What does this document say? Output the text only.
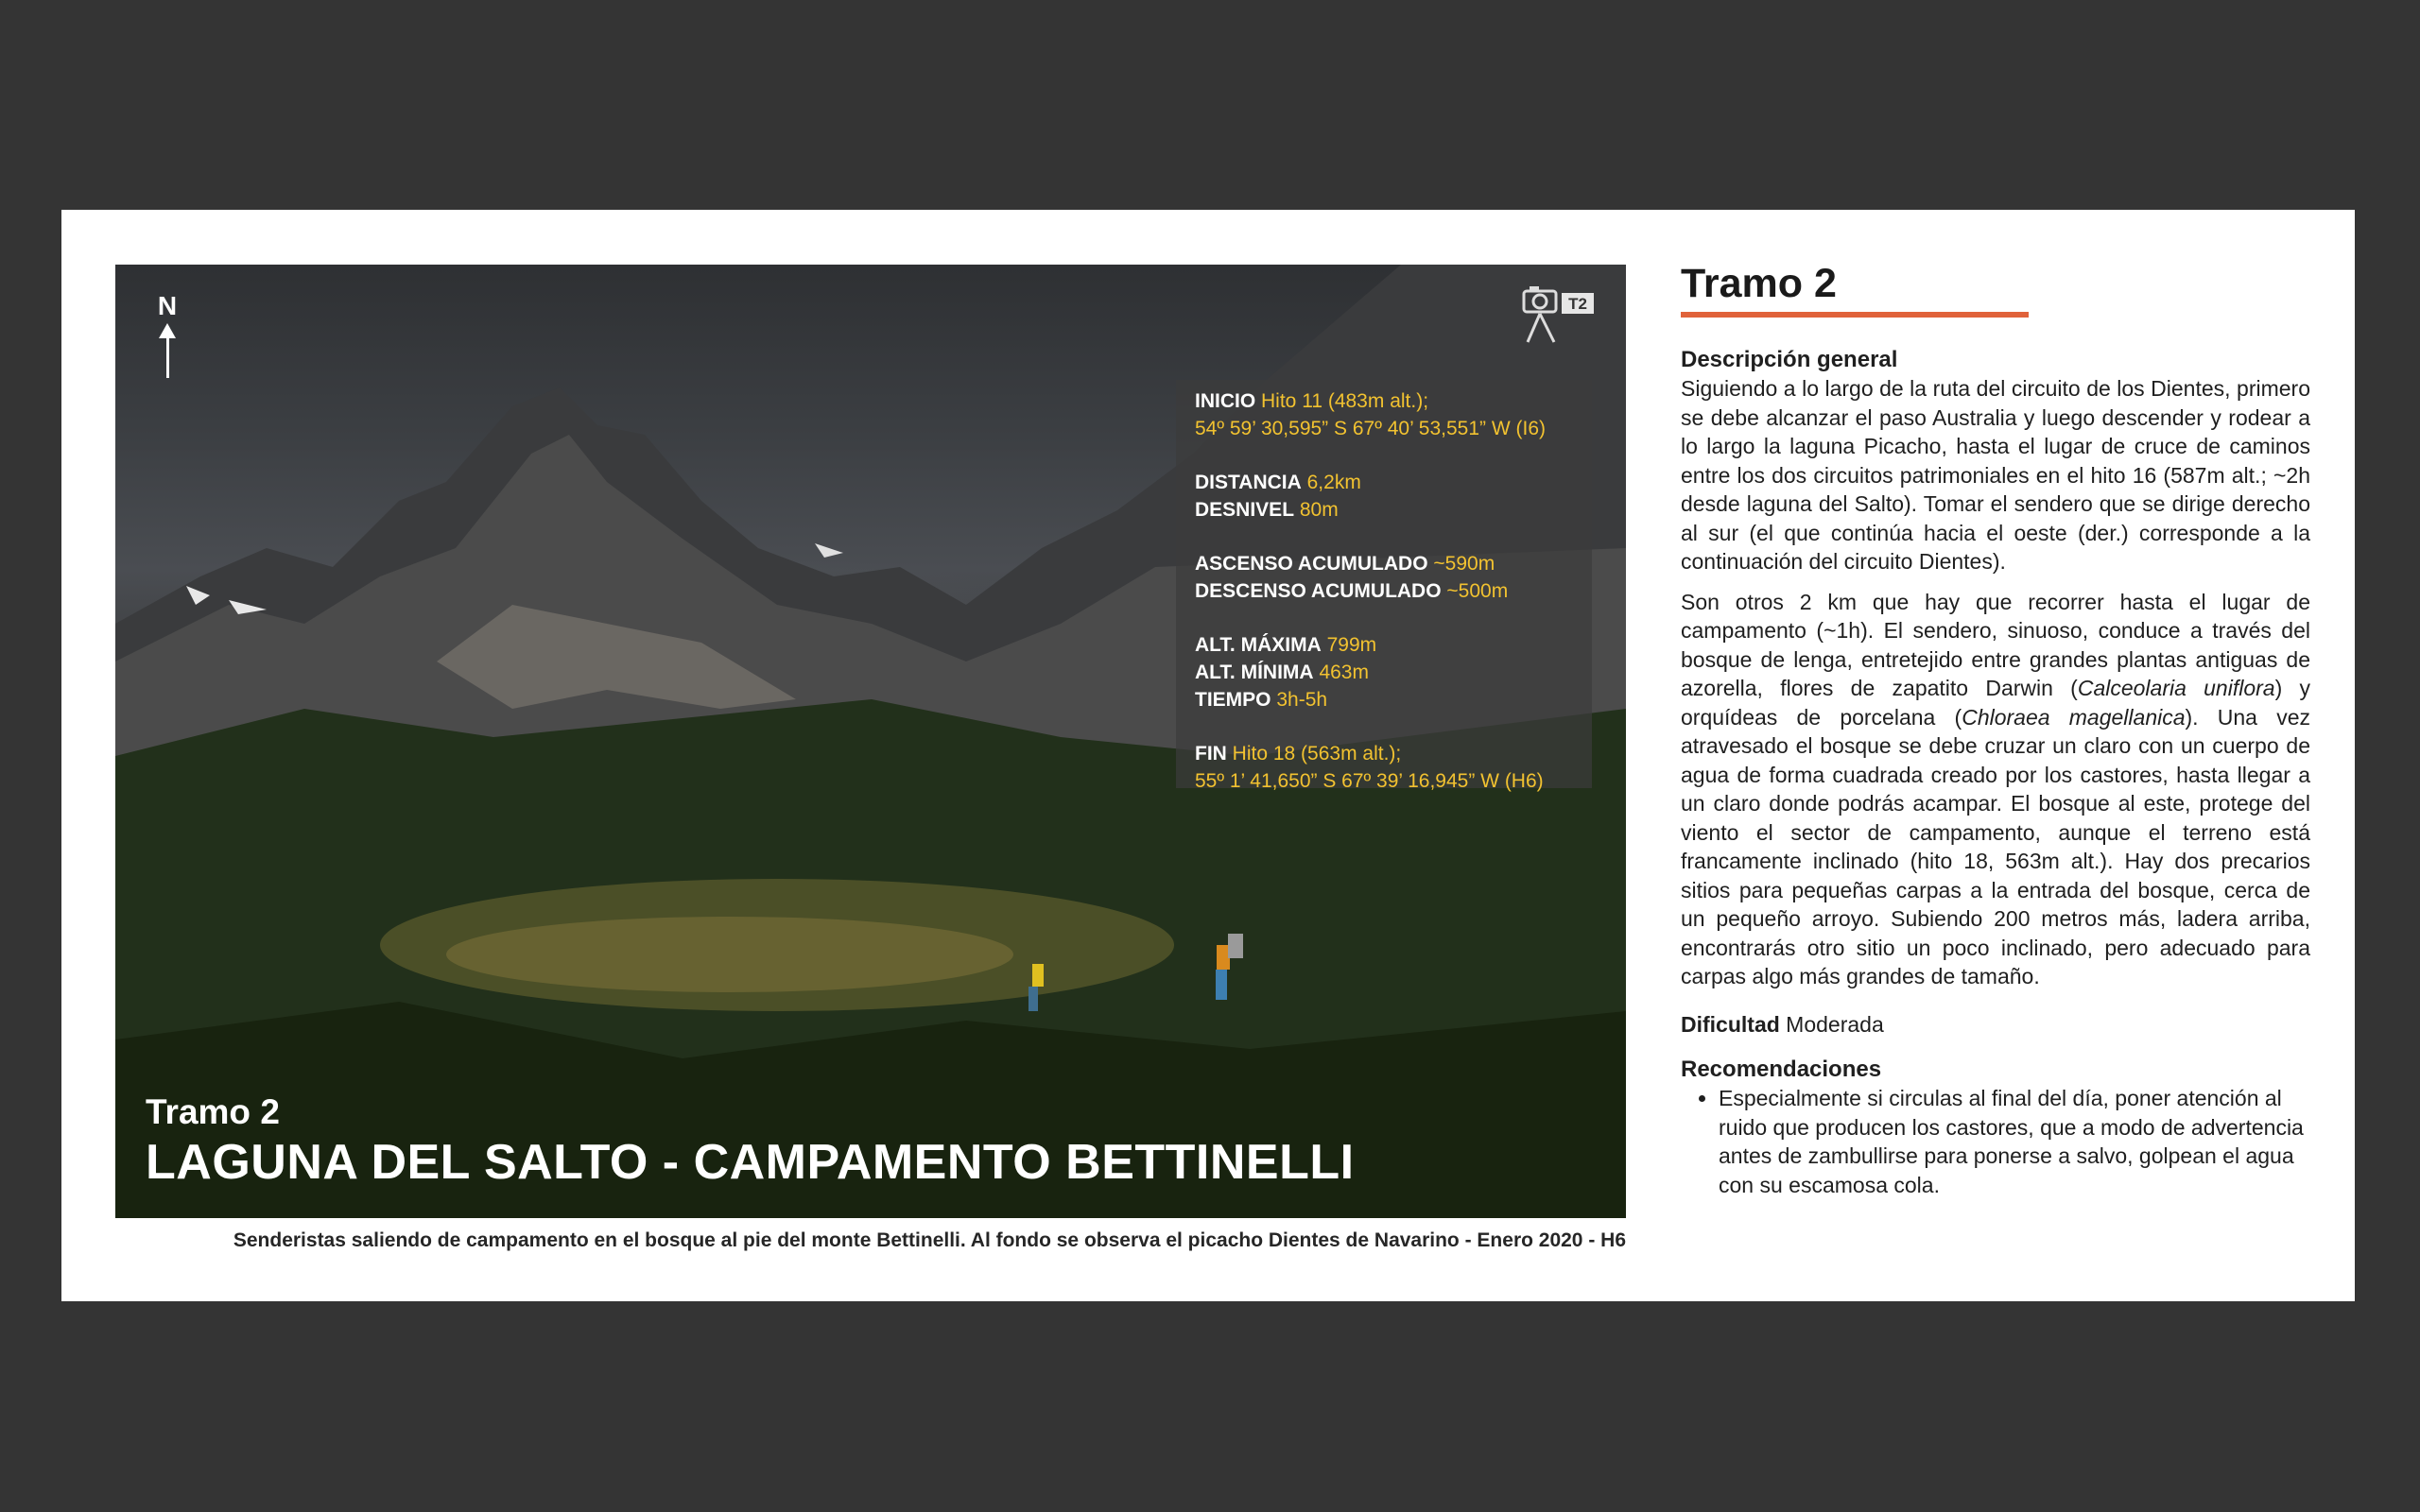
N	T2
INICIO Hito 11 (483m alt.);
54º 59’ 30,595” S 67º 40’ 53,551” W (I6)
DISTANCIA 6,2km
DESNIVEL 80m
ASCENSO ACUMULADO ~590m
DESCENSO ACUMULADO ~500m
ALT. MÁXIMA 799m
ALT. MÍNIMA 463m
TIEMPO 3h-5h
FIN Hito 18 (563m alt.);
55º 1’ 41,650” S 67º 39’ 16,945” W (H6)
Tramo 2
LAGUNA DEL SALTO - CAMPAMENTO BETTINELLI
Senderistas saliendo de campamento en el bosque al pie del monte Bettinelli. Al fondo se observa el picacho Dientes de Navarino - Enero 2020 - H6
Tramo 2
Descripción general

Siguiendo a lo largo de la ruta del circuito de los Dientes, primero se debe alcanzar el paso Australia y luego descender y rodear a lo largo la laguna Picacho, hasta el lugar de cruce de caminos entre los dos circuitos patrimoniales en el hito 16 (587m alt.; ~2h desde laguna del Salto). Tomar el sendero que se dirige derecho al sur (el que continúa hacia el oeste (der.) corresponde a la continuación del circuito Dientes).

Son otros 2 km que hay que recorrer hasta el lugar de campamento (~1h). El sendero, sinuoso, conduce a través del bosque de lenga, entretejido entre grandes plantas antiguas de azorella, flores de zapatito Darwin (Calceolaria uniflora) y orquídeas de porcelana (Chloraea magellanica). Una vez atravesado el bosque se debe cruzar un claro con un cuerpo de agua de forma cuadrada creado por los castores, hasta llegar a un claro donde podrás acampar. El bosque al este, protege del viento el sector de campamento, aunque el terreno está francamente inclinado (hito 18, 563m alt.). Hay dos precarios sitios para pequeñas carpas a la entrada del bosque, cerca de un pequeño arroyo. Subiendo 200 metros más, ladera arriba, encontrarás otro sitio un poco inclinado, pero adecuado para carpas algo más grandes de tamaño.

Dificultad Moderada
Recomendaciones
• Especialmente si circulas al final del día, poner atención al ruido que producen los castores, que a modo de advertencia antes de zambullirse para ponerse a salvo, golpean el agua con su escamosa cola.
